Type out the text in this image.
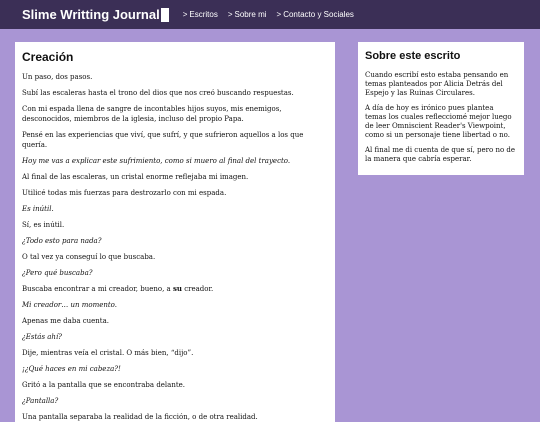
Slime Writting Journal	> Escritos > Sobre mi > Contacto y Sociales
Creación

Un paso, dos pasos.

Subí las escaleras hasta el trono del dios que nos creó buscando respuestas.

Con mi espada llena de sangre de incontables hijos suyos, mis enemigos, desconocidos, miembros de la iglesia, incluso del propio Papa.

Pensé en las experiencias que viví, que sufrí, y que sufrieron aquellos a los que quería.

Hoy me vas a explicar este sufrimiento, como si muero al final del trayecto.

Al final de las escaleras, un cristal enorme reflejaba mi imagen.

Utilicé todas mis fuerzas para destrozarlo con mi espada.

Es inútil.

Sí, es inútil.

¿Todo esto para nada?

O tal vez ya conseguí lo que buscaba.

¿Pero qué buscaba?

Buscaba encontrar a mi creador, bueno, a su creador.

Mi creador… un momento.

Apenas me daba cuenta.

¿Estás ahí?

Dije, mientras veía el cristal. O más bien, “dijo”.

¡¿Qué haces en mi cabeza?!

Gritó a la pantalla que se encontraba delante.

¿Pantalla?

Una pantalla separaba la realidad de la ficción, o de otra realidad.

Sobre este escrito

Cuando escribí esto estaba pensando en temas planteados por Alicia Detrás del Espejo y las Ruinas Circulares.

A día de hoy es irónico pues plantea temas los cuales reflecciomé mejor luego de leer Omniscient Reader's Viewpoint, como si un personaje tiene libertad o no.

Al final me di cuenta de que sí, pero no de la manera que cabría esperar.
